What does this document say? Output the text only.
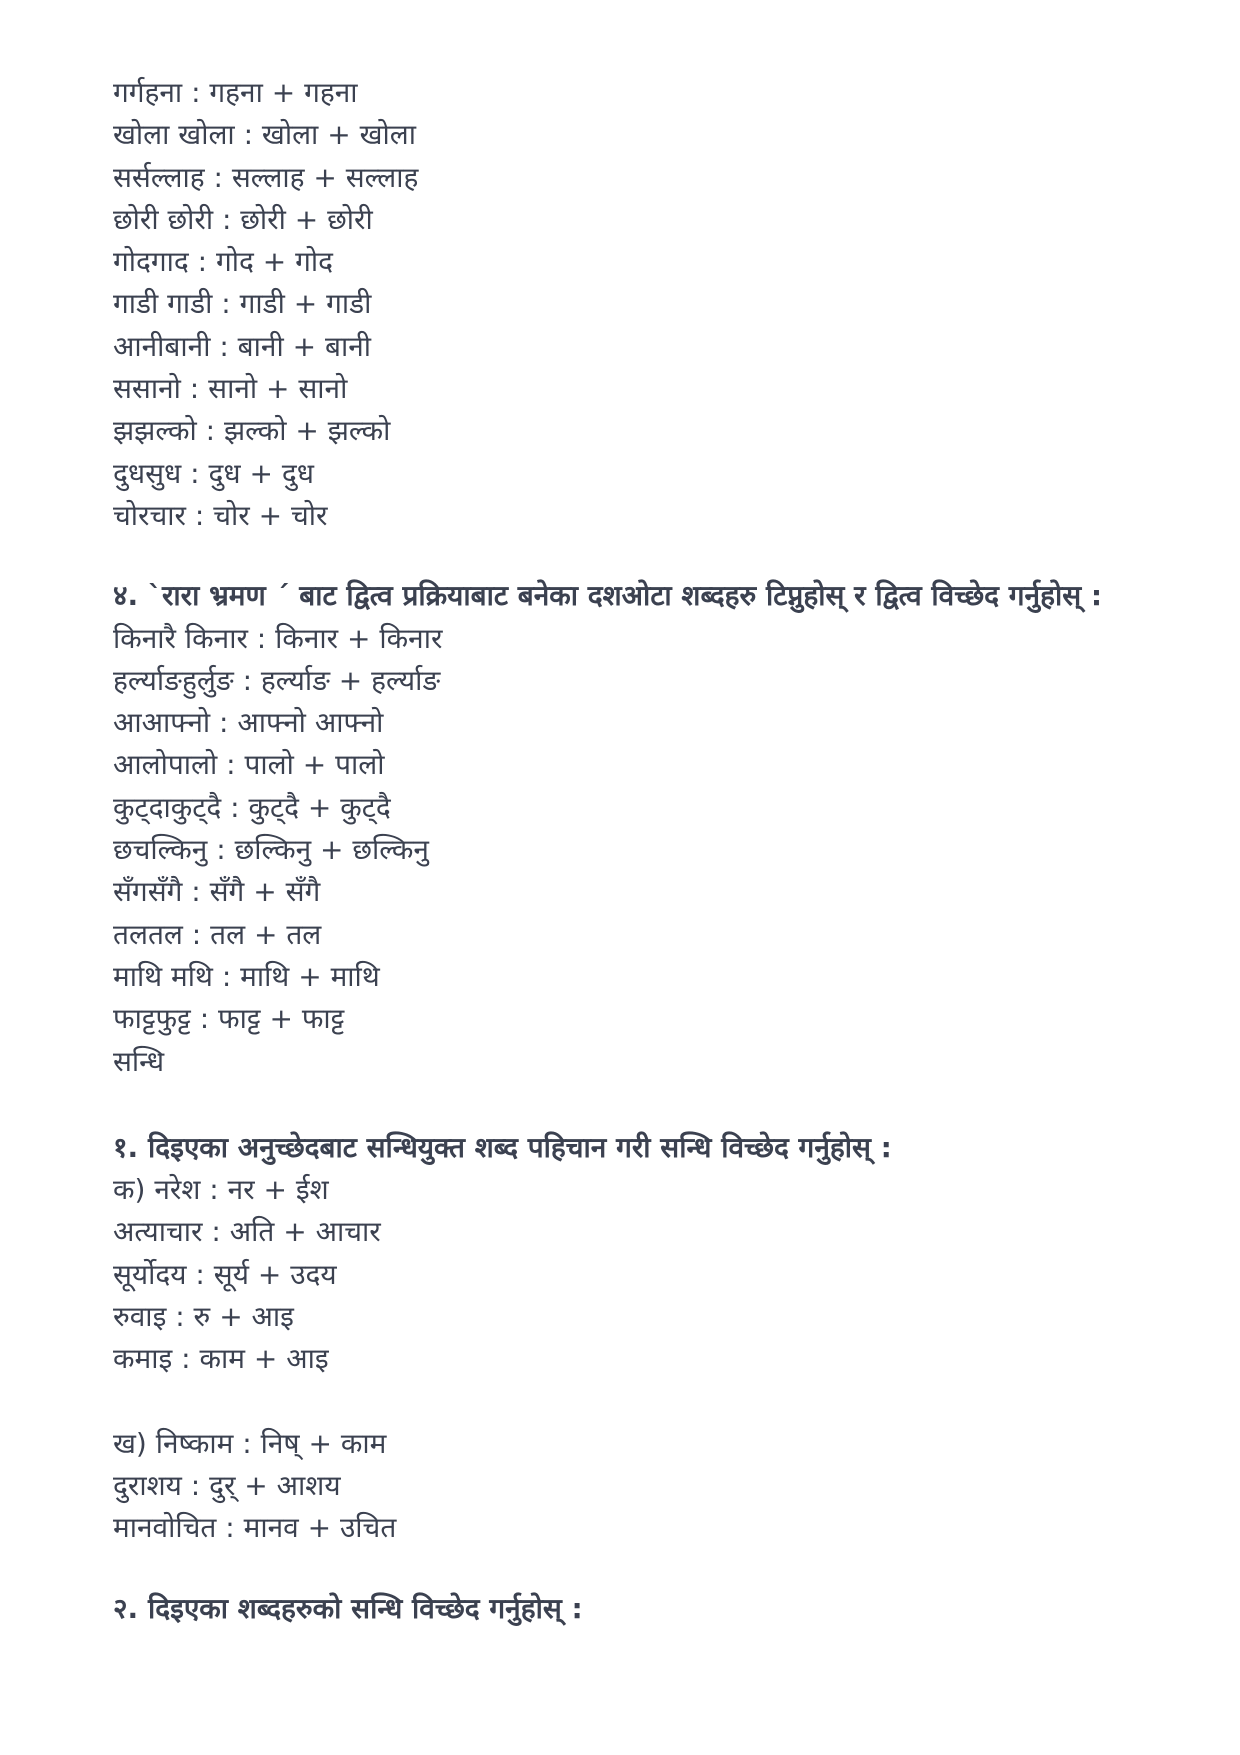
गर्गहना : गहना + गहना
खोला खोला : खोला + खोला
सर्सल्लाह : सल्लाह + सल्लाह
छोरी छोरी : छोरी + छोरी
गोदगाद : गोद + गोद
गाडी गाडी : गाडी + गाडी
आनीबानी : बानी + बानी
ससानो : सानो + सानो
झझल्को : झल्को + झल्को
दुधसुध : दुध + दुध
चोरचार : चोर + चोर
४. `रारा भ्रमण ´ बाट द्वित्व प्रक्रियाबाट बनेका दशओटा शब्दहरु टिप्नुहोस् र द्वित्व विच्छेद गर्नुहोस् :
किनारै किनार : किनार + किनार
हर्ल्याङहुर्लुङ : हर्ल्याङ + हर्ल्याङ
आआफ्नो : आफ्नो आफ्नो
आलोपालो : पालो + पालो
कुट्दाकुट्दै : कुट्दै + कुट्दै
छचल्किनु : छल्किनु + छल्किनु
सँगसँगै : सँगै + सँगै
तलतल : तल + तल
माथि मथि : माथि + माथि
फाट्टफुट्ट : फाट्ट + फाट्ट
सन्धि
१. दिइएका अनुच्छेदबाट सन्धियुक्त शब्द पहिचान गरी सन्धि विच्छेद गर्नुहोस् :
क) नरेश : नर + ईश
अत्याचार : अति + आचार
सूर्योदय : सूर्य + उदय
रुवाइ : रु + आइ
कमाइ : काम + आइ
ख) निष्काम : निष् + काम
दुराशय : दुर् + आशय
मानवोचित : मानव + उचित
२. दिइएका शब्दहरुको सन्धि विच्छेद गर्नुहोस् :
